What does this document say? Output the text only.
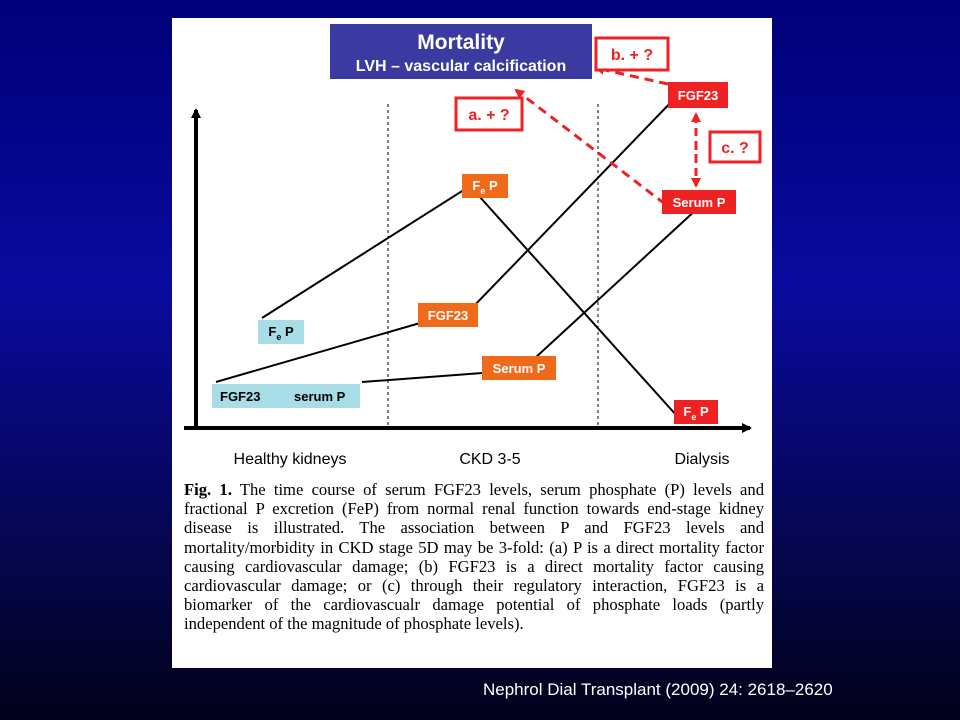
Mortality
LVH – vascular calcification
b. + ?
a. + ?
c. ?
FGF23
Serum P
$F_e$ P
$F_e$ P
FGF23
Serum P
$F_e$ P
FGF23	serum P
Healthy kidneys	CKD 3-5	Dialysis

Fig. 1. The time course of serum FGF23 levels, serum phosphate (P) levels and fractional P excretion (FeP) from normal renal function towards end-stage kidney disease is illustrated. The association between P and FGF23 levels and mortality/morbidity in CKD stage 5D may be 3-fold: (a) P is a direct mortality factor causing cardiovascular damage; (b) FGF23 is a direct mortality factor causing cardiovascular damage; or (c) through their regulatory interaction, FGF23 is a biomarker of the cardiovascualr damage potential of phosphate loads (partly independent of the magnitude of phosphate levels).

Nephrol Dial Transplant (2009) 24: 2618–2620
